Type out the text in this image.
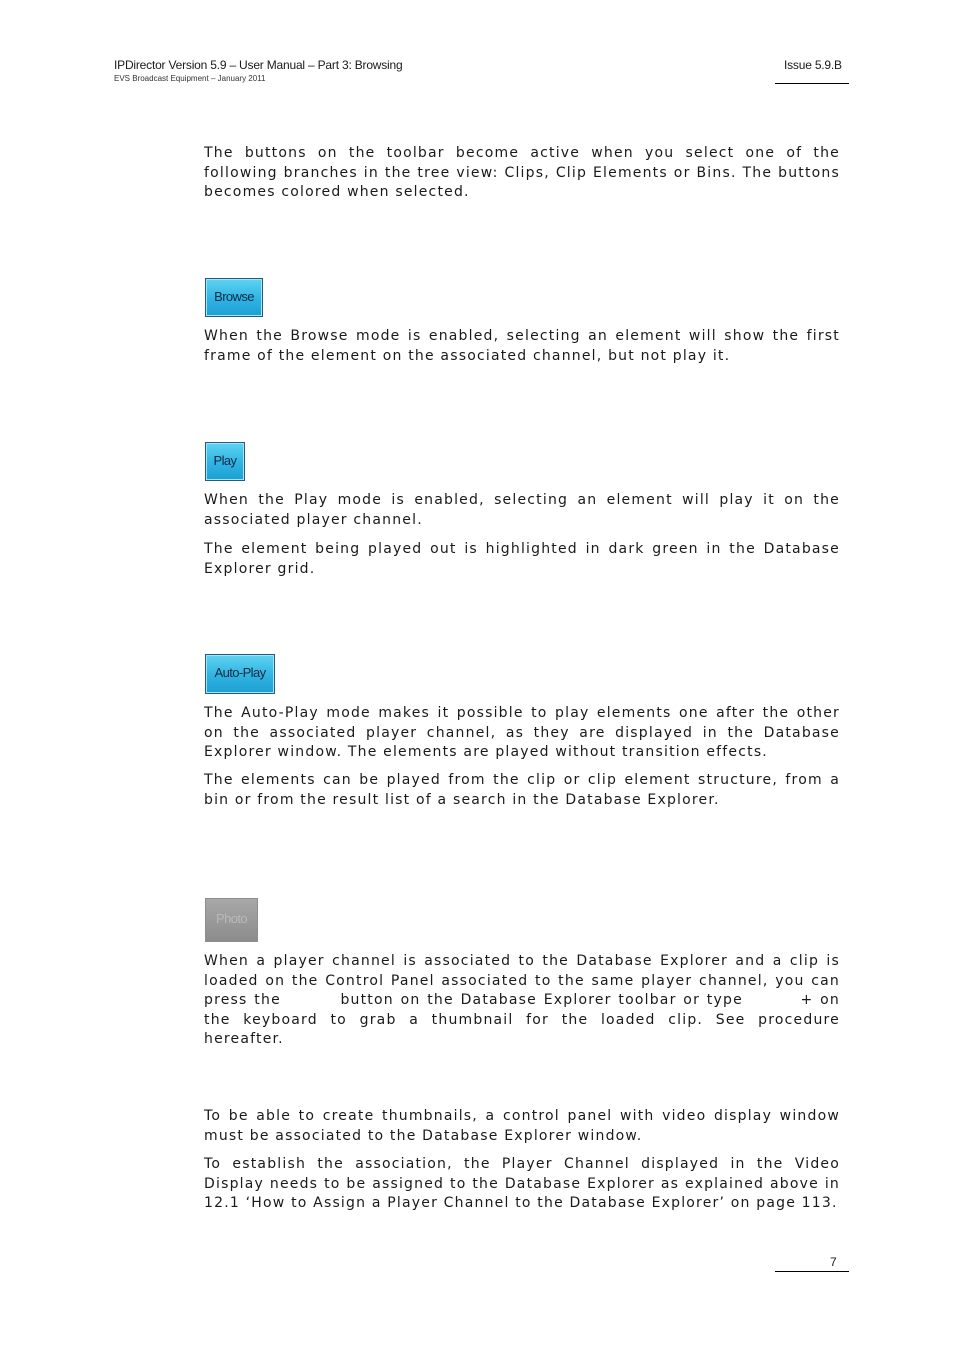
IPDirector Version 5.9 – User Manual – Part 3: Browsing
EVS Broadcast Equipment – January 2011
Issue 5.9.B
The buttons on the toolbar become active when you select one of the following branches in the tree view: Clips, Clip Elements or Bins. The buttons becomes colored when selected.
Browse
When the Browse mode is enabled, selecting an element will show the first frame of the element on the associated channel, but not play it.
Play
When the Play mode is enabled, selecting an element will play it on the associated player channel.
The element being played out is highlighted in dark green in the Database Explorer grid.
Auto-Play
The Auto-Play mode makes it possible to play elements one after the other on the associated player channel, as they are displayed in the Database Explorer window. The elements are played without transition effects.
The elements can be played from the clip or clip element structure, from a bin or from the result list of a search in the Database Explorer.
Photo
When a player channel is associated to the Database Explorer and a clip is loaded on the Control Panel associated to the same player channel, you can press the	button on the Database Explorer toolbar or type	+ on the keyboard to grab a thumbnail for the loaded clip. See procedure hereafter.
To be able to create thumbnails, a control panel with video display window must be associated to the Database Explorer window.
To establish the association, the Player Channel displayed in the Video Display needs to be assigned to the Database Explorer as explained above in 12.1 ‘How to Assign a Player Channel to the Database Explorer’ on page 113.
7
